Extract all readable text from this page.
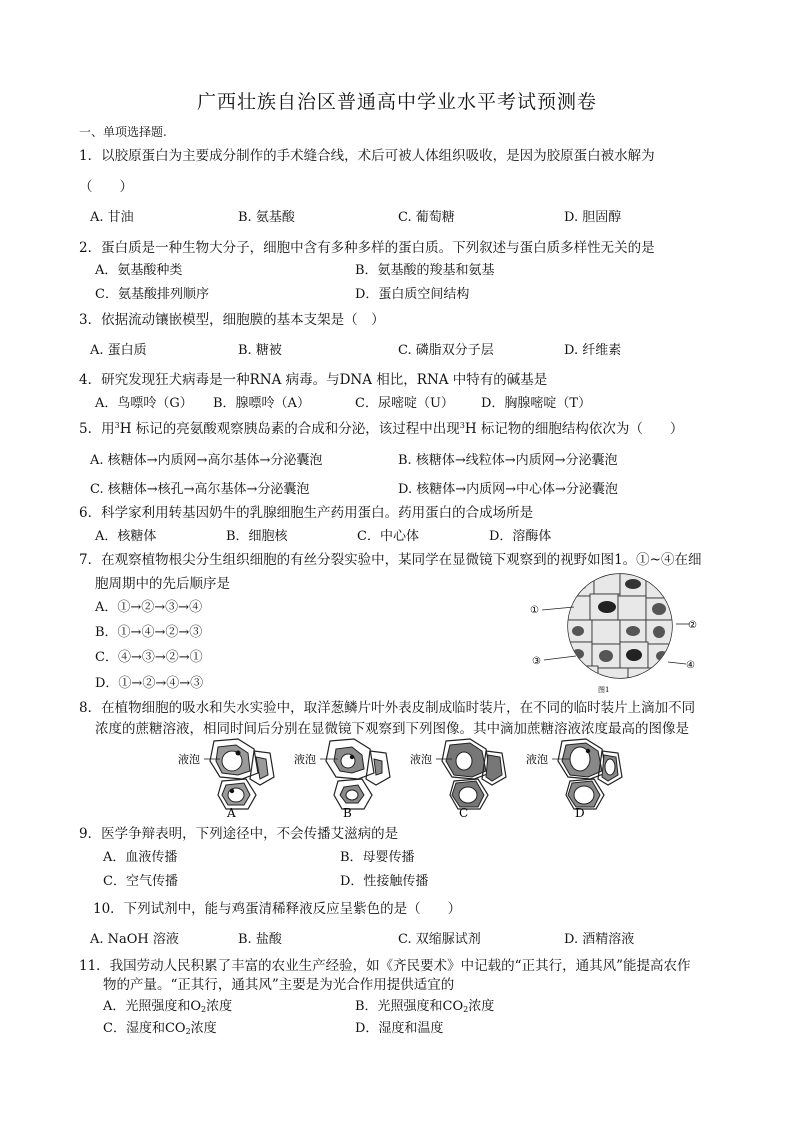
广西壮族自治区普通高中学业水平考试预测卷
一、单项选择题.
1．以胶原蛋白为主要成分制作的手术缝合线，术后可被人体组织吸收，是因为胶原蛋白被水解为
（　　）
A. 甘油	B. 氨基酸	C. 葡萄糖	D. 胆固醇
2．蛋白质是一种生物大分子，细胞中含有多种多样的蛋白质。下列叙述与蛋白质多样性无关的是
A．氨基酸种类	B．氨基酸的羧基和氨基
C．氨基酸排列顺序	D．蛋白质空间结构
3．依据流动镶嵌模型，细胞膜的基本支架是（　）
A. 蛋白质	B. 糖被	C. 磷脂双分子层	D. 纤维素
4．研究发现狂犬病毒是一种RNA 病毒。与DNA 相比，RNA 中特有的碱基是
A．鸟嘌呤（G） B．腺嘌呤（A）	C．尿嘧啶（U） D．胸腺嘧啶（T）
5．用$^3$H 标记的亮氨酸观察胰岛素的合成和分泌，该过程中出现$^3$H 标记物的细胞结构依次为（　　）
A. 核糖体→内质网→高尔基体→分泌囊泡	B. 核糖体→线粒体→内质网→分泌囊泡
C. 核糖体→核孔→高尔基体→分泌囊泡	D. 核糖体→内质网→中心体→分泌囊泡
6．科学家利用转基因奶牛的乳腺细胞生产药用蛋白。药用蛋白的合成场所是
A．核糖体	B．细胞核	C．中心体	D．溶酶体
7．在观察植物根尖分生组织细胞的有丝分裂实验中，某同学在显微镜下观察到的视野如图1。①~④在细
胞周期中的先后顺序是
A．①→②→③→④
B．①→④→②→③
C．④→③→②→①
D．①→②→④→③
①
②
③	④
图1
8．在植物细胞的吸水和失水实验中，取洋葱鳞片叶外表皮制成临时装片，在不同的临时装片上滴加不同
浓度的蔗糖溶液，相同时间后分别在显微镜下观察到下列图像。其中滴加蔗糖溶液浓度最高的图像是
液泡
A
液泡
B
液泡
C
液泡
D
9．医学争辩表明，下列途径中，不会传播艾滋病的是
A．血液传播	B．母婴传播
C．空气传播	D．性接触传播
10．下列试剂中，能与鸡蛋清稀释液反应呈紫色的是（　　）
A. NaOH 溶液	B. 盐酸	C. 双缩脲试剂	D. 酒精溶液
11．我国劳动人民积累了丰富的农业生产经验，如《齐民要术》中记载的“正其行，通其风”能提高农作
物的产量。“正其行，通其风”主要是为光合作用提供适宜的
A．光照强度和$O_2$浓度	B．光照强度和$CO_2$浓度
C．湿度和$CO_2$浓度	D．湿度和温度
